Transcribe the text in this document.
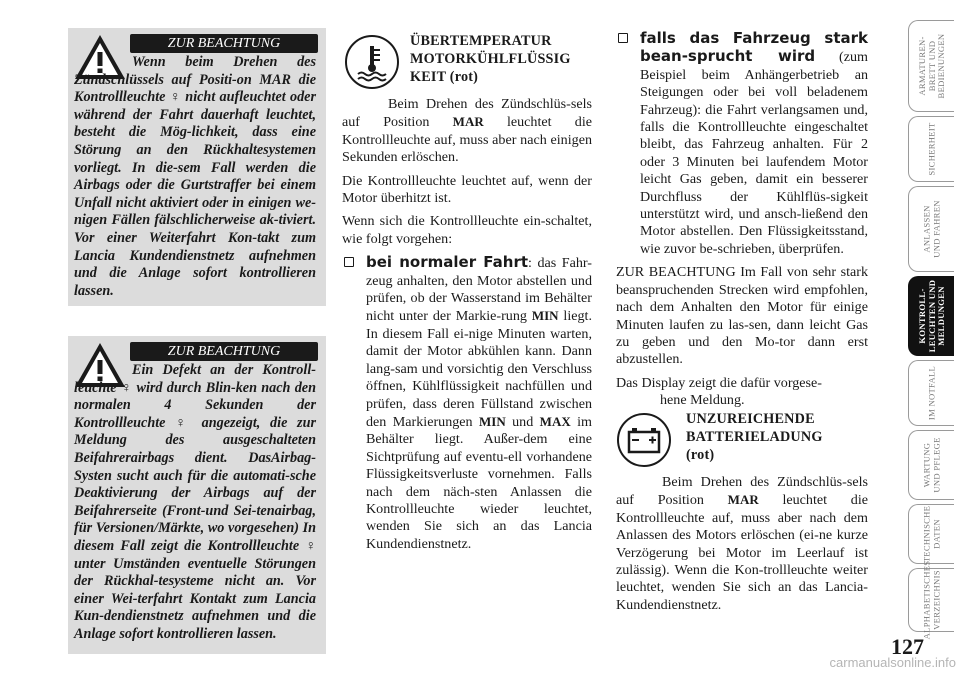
ZUR BEACHTUNG
Wenn beim Drehen des Zündschlüssels auf Positi-on MAR die Kontrollleuchte ♀ nicht aufleuchtet oder während der Fahrt dauerhaft leuchtet, besteht die Mög-lichkeit, dass eine Störung an den Rückhaltesystemen vorliegt. In die-sem Fall werden die Airbags oder die Gurtstraffer bei einem Unfall nicht aktiviert oder in einigen we-nigen Fällen fälschlicherweise ak-tiviert. Vor einer Weiterfahrt Kon-takt zum Lancia Kundendienstnetz aufnehmen und die Anlage sofort kontrollieren lassen.
ZUR BEACHTUNG
Ein Defekt an der Kontroll-leuchte ♀ wird durch Blin-ken nach den normalen 4 Sekunden der Kontrollleuchte ♀ angezeigt, die zur Meldung des ausgeschalteten Beifahrerairbags dient. DasAirbag-Systen sucht auch für die automati-sche Deaktivierung der Airbags auf der Beifahrerseite (Front-und Sei-tenairbag, für Versionen/Märkte, wo vorgesehen) In diesem Fall zeigt die Kontrollleuchte ♀ unter Umständen eventuelle Störungen der Rückhal-tesysteme nicht an. Vor einer Wei-terfahrt Kontakt zum Lancia Kun-dendienstnetz aufnehmen und die Anlage sofort kontrollieren lassen.
ÜBERTEMPERATUR
MOTORKÜHLFLÜSSIG
KEIT (rot)

Beim Drehen des Zündschlüs-sels auf Position MAR leuchtet die Kontrollleuchte auf, muss aber nach einigen Sekunden erlöschen.

Die Kontrollleuchte leuchtet auf, wenn der Motor überhitzt ist.

Wenn sich die Kontrollleuchte ein-schaltet, wie folgt vorgehen:

bei normaler Fahrt: das Fahr-zeug anhalten, den Motor abstellen und prüfen, ob der Wasserstand im Behälter nicht unter der Markie-rung MIN liegt. In diesem Fall ei-nige Minuten warten, damit der Motor abkühlen kann. Dann lang-sam und vorsichtig den Verschluss öffnen, Kühlflüssigkeit nachfüllen und prüfen, dass deren Füllstand zwischen den Markierungen MIN und MAX im Behälter liegt. Außer-dem eine Sichtprüfung auf eventu-ell vorhandene Flüssigkeitsverluste vornehmen. Falls nach dem näch-sten Anlassen die Kontrollleuchte wieder leuchtet, wenden Sie sich an das Lancia Kundendienstnetz.
falls das Fahrzeug stark bean-sprucht wird (zum Beispiel beim Anhängerbetrieb an Steigungen oder bei voll beladenem Fahrzeug): die Fahrt verlangsamen und, falls die Kontrollleuchte eingeschaltet bleibt, das Fahrzeug anhalten. Für 2 oder 3 Minuten bei laufendem Motor leicht Gas geben, damit ein besserer Durchfluss der Kühlflüs-sigkeit unterstützt wird, und ansch-ließend den Motor abstellen. Den Flüssigkeitsstand, wie zuvor be-schrieben, überprüfen.

ZUR BEACHTUNG Im Fall von sehr stark beanspruchenden Strecken wird empfohlen, nach dem Anhalten den Motor für einige Minuten laufen zu las-sen, dann leicht Gas zu geben und den Mo-tor dann erst abzustellen.

Das Display zeigt die dafür vorgese-
hene Meldung.

UNZUREICHENDE
BATTERIELADUNG
(rot)

Beim Drehen des Zündschlüs-sels auf Position MAR leuchtet die Kontrollleuchte auf, muss aber nach dem Anlassen des Motors erlöschen (ei-ne kurze Verzögerung bei Motor im Leerlauf ist zulässig). Wenn die Kon-trollleuchte weiter leuchtet, wenden Sie sich an das Lancia-Kundendienstnetz.

ARMATUREN-
BRETT UND
BEDIENUNGEN
SICHERHEIT
ANLASSEN
UND FAHREN
KONTROLL-
LEUCHTEN UND
MELDUNGEN
IM NOTFALL
WARTUNG
UND PFLEGE
TECHNISCHE
DATEN
ALPHABETISCHES
VERZEICHNIS
127
carmanualsonline.info
